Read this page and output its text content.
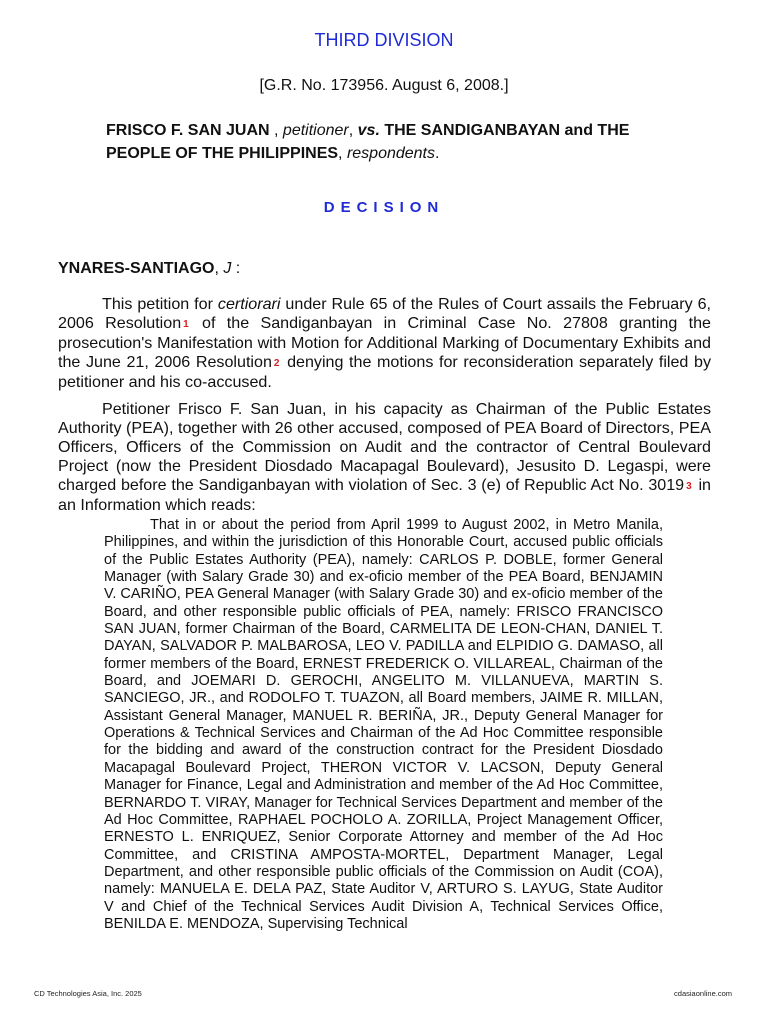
THIRD DIVISION
[G.R. No. 173956. August 6, 2008.]
FRISCO F. SAN JUAN , petitioner, vs. THE SANDIGANBAYAN and THE PEOPLE OF THE PHILIPPINES, respondents.
DECISION
YNARES-SANTIAGO, J :

This petition for certiorari under Rule 65 of the Rules of Court assails the February 6, 2006 Resolution 1 of the Sandiganbayan in Criminal Case No. 27808 granting the prosecution's Manifestation with Motion for Additional Marking of Documentary Exhibits and the June 21, 2006 Resolution 2 denying the motions for reconsideration separately filed by petitioner and his co-accused.

Petitioner Frisco F. San Juan, in his capacity as Chairman of the Public Estates Authority (PEA), together with 26 other accused, composed of PEA Board of Directors, PEA Officers, Officers of the Commission on Audit and the contractor of Central Boulevard Project (now the President Diosdado Macapagal Boulevard), Jesusito D. Legaspi, were charged before the Sandiganbayan with violation of Sec. 3 (e) of Republic Act No. 3019 3 in an Information which reads:

That in or about the period from April 1999 to August 2002, in Metro Manila, Philippines, and within the jurisdiction of this Honorable Court, accused public officials of the Public Estates Authority (PEA), namely: CARLOS P. DOBLE, former General Manager (with Salary Grade 30) and ex-oficio member of the PEA Board, BENJAMIN V. CARIÑO, PEA General Manager (with Salary Grade 30) and ex-oficio member of the Board, and other responsible public officials of PEA, namely: FRISCO FRANCISCO SAN JUAN, former Chairman of the Board, CARMELITA DE LEON-CHAN, DANIEL T. DAYAN, SALVADOR P. MALBAROSA, LEO V. PADILLA and ELPIDIO G. DAMASO, all former members of the Board, ERNEST FREDERICK O. VILLAREAL, Chairman of the Board, and JOEMARI D. GEROCHI, ANGELITO M. VILLANUEVA, MARTIN S. SANCIEGO, JR., and RODOLFO T. TUAZON, all Board members, JAIME R. MILLAN, Assistant General Manager, MANUEL R. BERIÑA, JR., Deputy General Manager for Operations & Technical Services and Chairman of the Ad Hoc Committee responsible for the bidding and award of the construction contract for the President Diosdado Macapagal Boulevard Project, THERON VICTOR V. LACSON, Deputy General Manager for Finance, Legal and Administration and member of the Ad Hoc Committee, BERNARDO T. VIRAY, Manager for Technical Services Department and member of the Ad Hoc Committee, RAPHAEL POCHOLO A. ZORILLA, Project Management Officer, ERNESTO L. ENRIQUEZ, Senior Corporate Attorney and member of the Ad Hoc Committee, and CRISTINA AMPOSTA-MORTEL, Department Manager, Legal Department, and other responsible public officials of the Commission on Audit (COA), namely: MANUELA E. DELA PAZ, State Auditor V, ARTURO S. LAYUG, State Auditor V and Chief of the Technical Services Audit Division A, Technical Services Office, BENILDA E. MENDOZA, Supervising Technical

CD Technologies Asia, Inc. 2025	cdasiaonline.com
